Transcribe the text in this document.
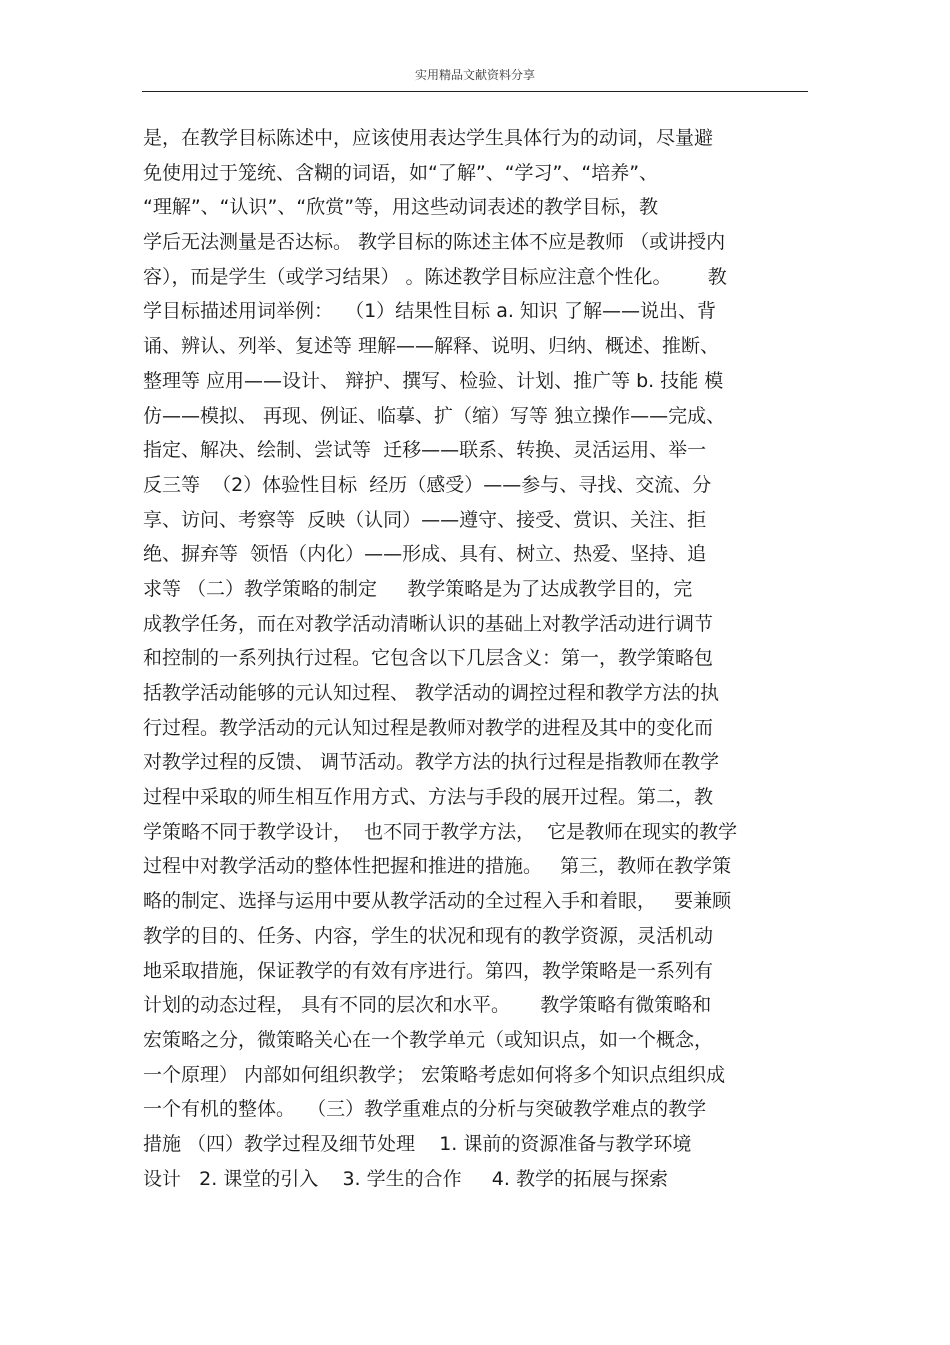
实用精品文献资料分享
是，在教学目标陈述中，应该使用表达学生具体行为的动词，尽量避
免使用过于笼统、含糊的词语，如“了解”、“学习”、“培养”、
“理解”、“认识”、“欣赏”等，用这些动词表述的教学目标，教
学后无法测量是否达标。 教学目标的陈述主体不应是教师 （或讲授内
容），而是学生（或学习结果） 。陈述教学目标应注意个性化。      教
学目标描述用词举例：  （1）结果性目标 a. 知识 了解——说出、背
诵、辨认、列举、复述等 理解——解释、说明、归纳、概述、推断、
整理等 应用——设计、 辩护、撰写、检验、计划、推广等 b. 技能 模
仿——模拟、 再现、例证、临摹、扩（缩）写等 独立操作——完成、
指定、解决、绘制、尝试等  迁移——联系、转换、灵活运用、举一
反三等  （2）体验性目标  经历（感受）——参与、寻找、交流、分
享、访问、考察等  反映（认同）——遵守、接受、赏识、关注、拒
绝、摒弃等  领悟（内化）——形成、具有、树立、热爱、坚持、追
求等 （二）教学策略的制定     教学策略是为了达成教学目的，完
成教学任务，而在对教学活动清晰认识的基础上对教学活动进行调节
和控制的一系列执行过程。它包含以下几层含义：第一，教学策略包
括教学活动能够的元认知过程、 教学活动的调控过程和教学方法的执
行过程。教学活动的元认知过程是教师对教学的进程及其中的变化而
对教学过程的反馈、 调节活动。教学方法的执行过程是指教师在教学
过程中采取的师生相互作用方式、方法与手段的展开过程。第二，教
学策略不同于教学设计，  也不同于教学方法，  它是教师在现实的教学
过程中对教学活动的整体性把握和推进的措施。   第三，教师在教学策
略的制定、选择与运用中要从教学活动的全过程入手和着眼，   要兼顾
教学的目的、任务、内容，学生的状况和现有的教学资源，灵活机动
地采取措施，保证教学的有效有序进行。第四，教学策略是一系列有
计划的动态过程， 具有不同的层次和水平。     教学策略有微策略和
宏策略之分，微策略关心在一个教学单元（或知识点，如一个概念，
一个原理） 内部如何组织教学； 宏策略考虑如何将多个知识点组织成
一个有机的整体。  （三）教学重难点的分析与突破教学难点的教学
措施 （四）教学过程及细节处理    1. 课前的资源准备与教学环境
设计   2. 课堂的引入    3. 学生的合作     4. 教学的拓展与探索
